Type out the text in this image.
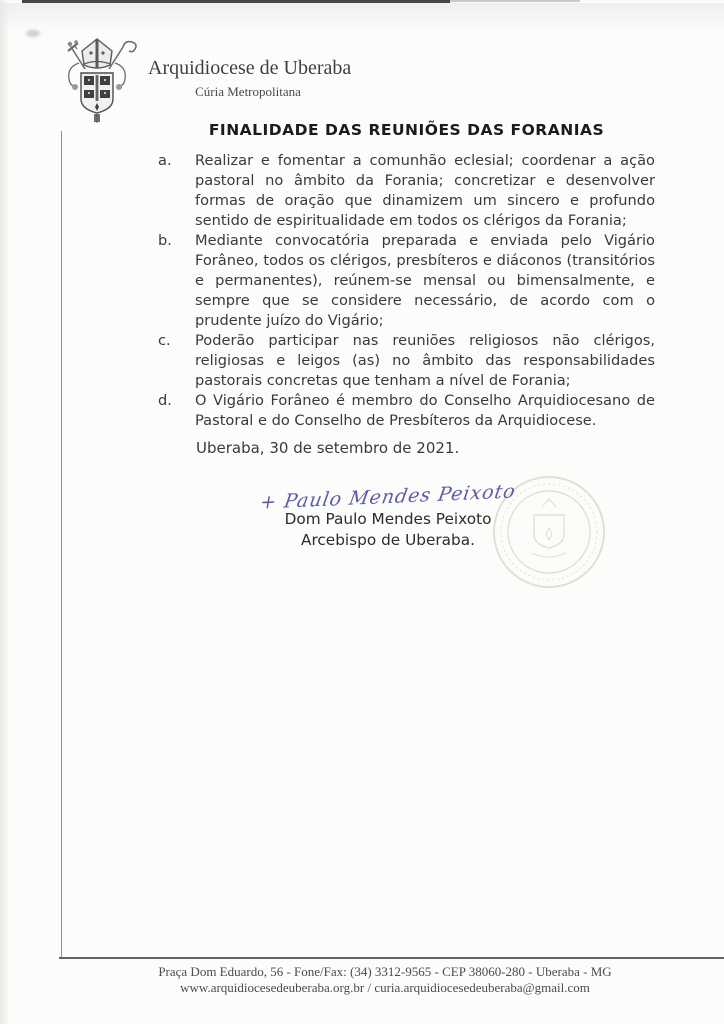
Arquidiocese de Uberaba
Cúria Metropolitana
FINALIDADE DAS REUNIÕES DAS FORANIAS
a.	Realizar e fomentar a comunhão eclesial; coordenar a ação pastoral no âmbito da Forania; concretizar e desenvolver formas de oração que dinamizem um sincero e profundo sentido de espiritualidade em todos os clérigos da Forania;

b.	Mediante convocatória preparada e enviada pelo Vigário Forâneo, todos os clérigos, presbíteros e diáconos (transitórios e permanentes), reúnem-se mensal ou bimensalmente, e sempre que se considere necessário, de acordo com o prudente juízo do Vigário;

c.	Poderão participar nas reuniões religiosos não clérigos, religiosas e leigos (as) no âmbito das responsabilidades pastorais concretas que tenham a nível de Forania;

d.	O Vigário Forâneo é membro do Conselho Arquidiocesano de Pastoral e do Conselho de Presbíteros da Arquidiocese.

Uberaba, 30 de setembro de 2021.

+ Paulo Mendes Peixoto
Dom Paulo Mendes Peixoto
Arcebispo de Uberaba.
Praça Dom Eduardo, 56 - Fone/Fax: (34) 3312-9565 - CEP 38060-280 - Uberaba - MG
www.arquidiocesedeuberaba.org.br / curia.arquidiocesedeuberaba@gmail.com
